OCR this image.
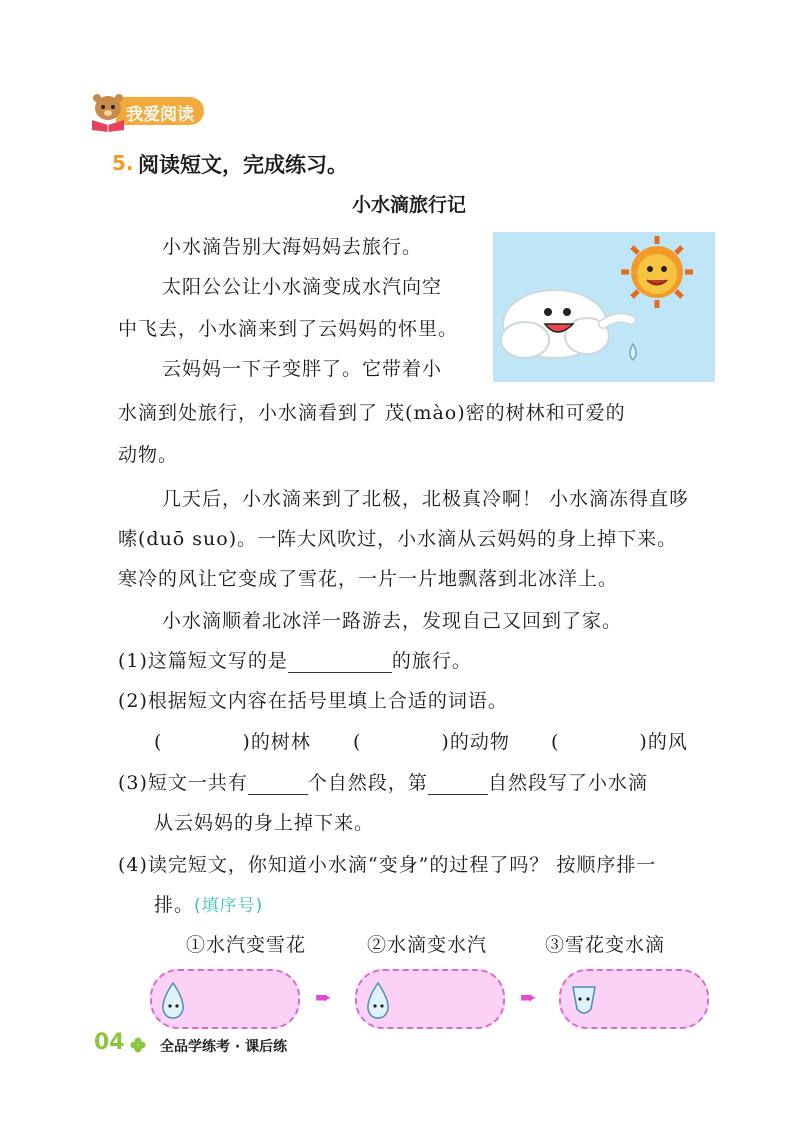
我爱阅读
5. 阅读短文，完成练习。
小水滴旅行记
小水滴告别大海妈妈去旅行。
太阳公公让小水滴变成水汽向空
中飞去，小水滴来到了云妈妈的怀里。
云妈妈一下子变胖了。它带着小
水滴到处旅行，小水滴看到了 茂(mào)密的树林和可爱的
动物。
几天后，小水滴来到了北极，北极真冷啊！ 小水滴冻得直哆
嗦(duō suo)。一阵大风吹过，小水滴从云妈妈的身上掉下来。
寒冷的风让它变成了雪花，一片一片地飘落到北冰洋上。
小水滴顺着北冰洋一路游去，发现自己又回到了家。
(1)这篇短文写的是	的旅行。
(2)根据短文内容在括号里填上合适的词语。
(　　　　)的树林 (　　　　)的动物 (　　　　)的风
(3)短文一共有	个自然段，第	自然段写了小水滴
从云妈妈的身上掉下来。
(4)读完短文，你知道小水滴“变身”的过程了吗？ 按顺序排一
排。(填序号)
①水汽变雪花	②水滴变水汽	③雪花变水滴
➨	➨
04	全品学练考 · 课后练
